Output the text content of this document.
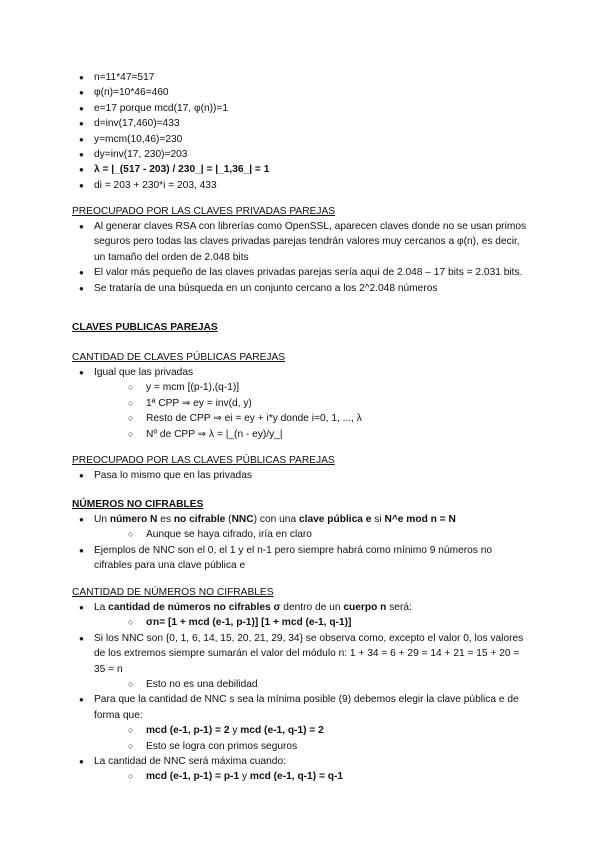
● n=11*47=517
● φ(n)=10*46=460
● e=17 porque mcd(17, φ(n))=1
● d=inv(17,460)=433
● y=mcm(10,46)=230
● dy=inv(17, 230)=203
● λ = |_(517 - 203) / 230_| = |_1,36_| = 1
● di = 203 + 230*i = 203, 433
PREOCUPADO POR LAS CLAVES PRIVADAS PAREJAS
● Al generar claves RSA con librerías como OpenSSL, aparecen claves donde no se usan primos seguros pero todas las claves privadas parejas tendrán valores muy cercanos a φ(n), es decir, un tamaño del orden de 2.048 bits
● El valor más pequeño de las claves privadas parejas sería aquí de 2.048 – 17 bits = 2.031 bits.
● Se trataría de una búsqueda en un conjunto cercano a los 2^2.048 números
CLAVES PUBLICAS PAREJAS
CANTIDAD DE CLAVES PÚBLICAS PAREJAS
● Igual que las privadas
○ y = mcm [(p-1),(q-1)]
○ 1ª CPP ⇒ ey = inv(d, y)
○ Resto de CPP ⇒ ei = ey + i*y donde i=0, 1, ..., λ
○ Nº de CPP ⇒ λ = |_(n - ey)/y_|
PREOCUPADO POR LAS CLAVES PÚBLICAS PAREJAS
● Pasa lo mismo que en las privadas
NÚMEROS NO CIFRABLES
● Un número N es no cifrable (NNC) con una clave pública e si N^e mod n = N
○ Aunque se haya cifrado, iría en claro
● Ejemplos de NNC son el 0, el 1 y el n-1 pero siempre habrá como mínimo 9 números no cifrables para una clave pública e
CANTIDAD DE NÚMEROS NO CIFRABLES
● La cantidad de números no cifrables σ dentro de un cuerpo n será:
○ σn= [1 + mcd (e-1, p-1)] [1 + mcd (e-1, q-1)]
● Si los NNC son {0, 1, 6, 14, 15, 20, 21, 29, 34} se observa como, excepto el valor 0, los valores de los extremos siempre sumarán el valor del módulo n: 1 + 34 = 6 + 29 = 14 + 21 = 15 + 20 = 35 = n
○ Esto no es una debilidad
● Para que la cantidad de NNC s sea la mínima posible (9) debemos elegir la clave pública e de forma que:
○ mcd (e-1, p-1) = 2 y mcd (e-1, q-1) = 2
○ Esto se logra con primos seguros
● La cantidad de NNC será máxima cuando:
○ mcd (e-1, p-1) = p-1 y mcd (e-1, q-1) = q-1
